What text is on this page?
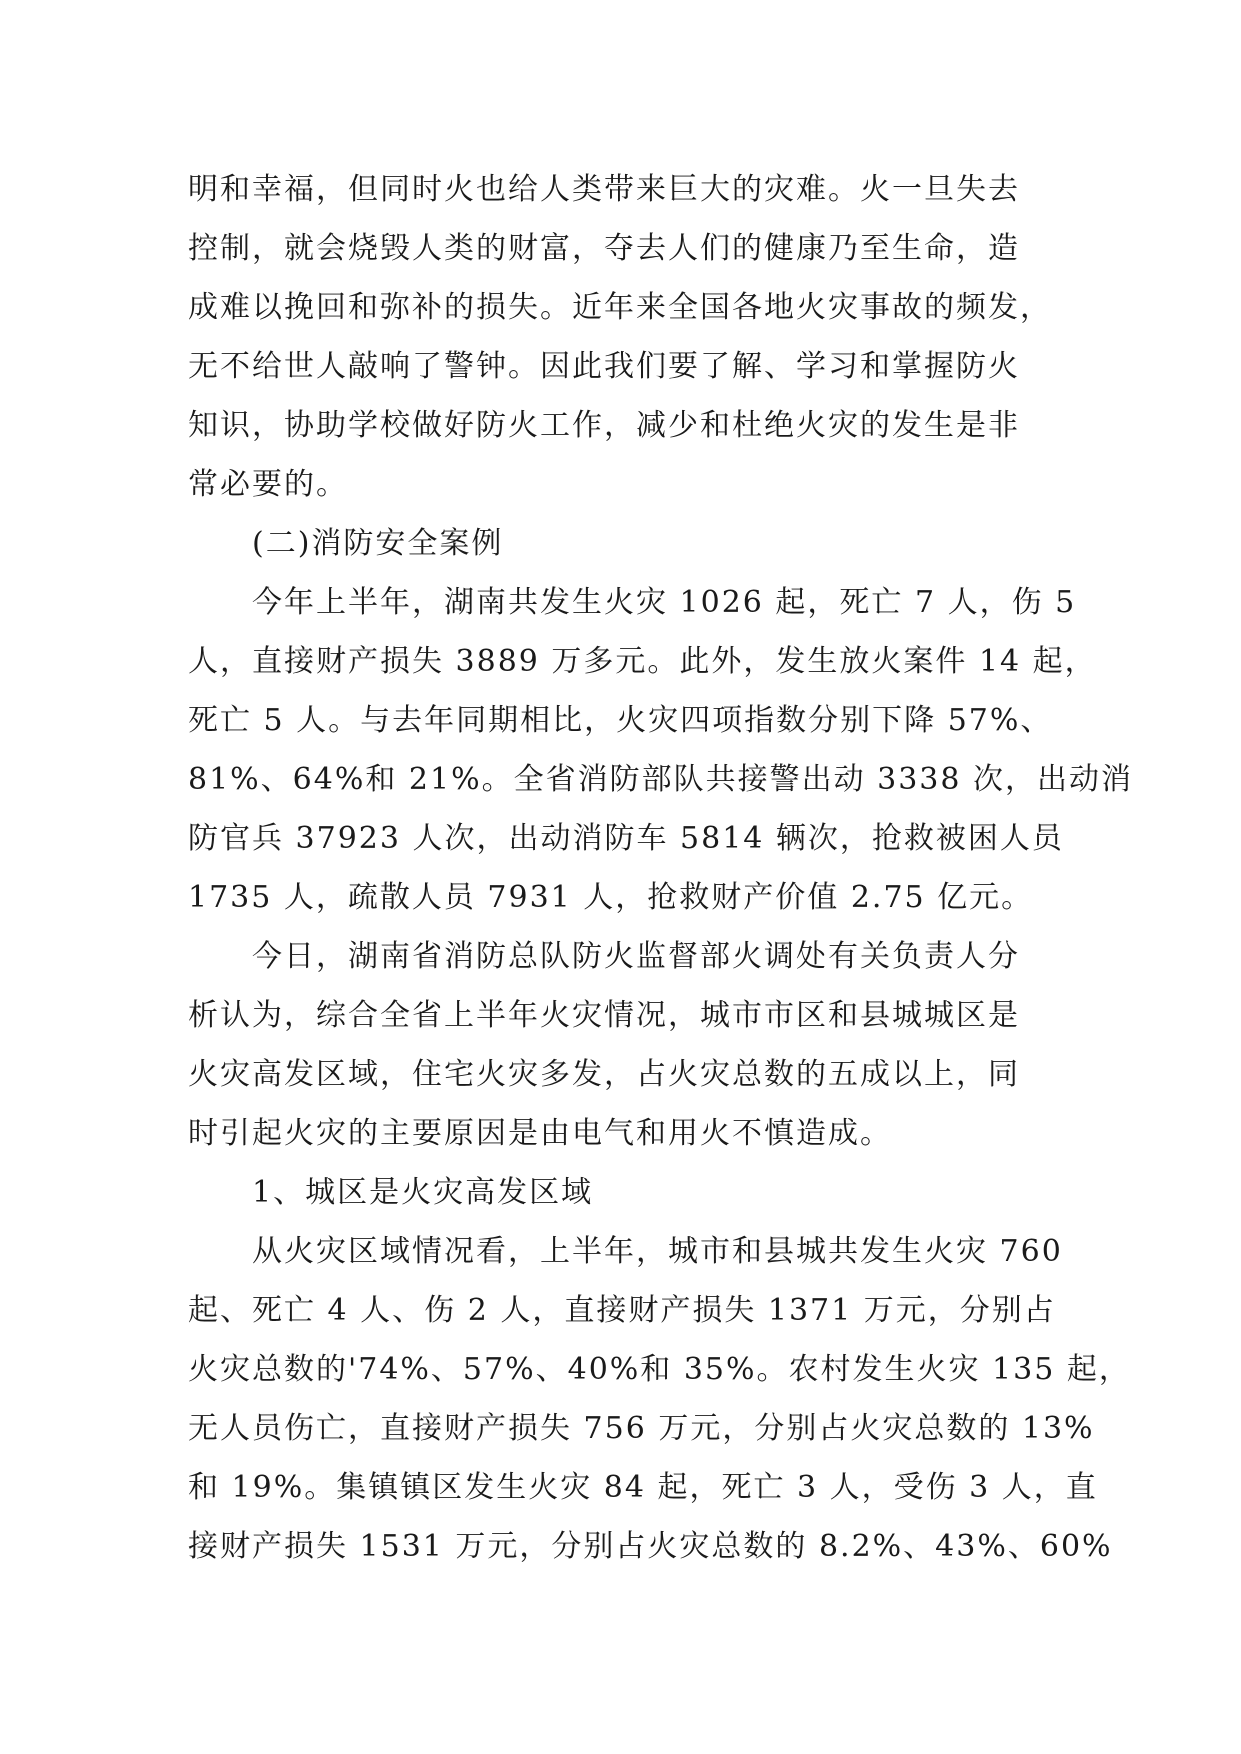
明和幸福，但同时火也给人类带来巨大的灾难。火一旦失去
控制，就会烧毁人类的财富，夺去人们的健康乃至生命，造
成难以挽回和弥补的损失。近年来全国各地火灾事故的频发，
无不给世人敲响了警钟。因此我们要了解、学习和掌握防火
知识，协助学校做好防火工作，减少和杜绝火灾的发生是非
常必要的。
(二)消防安全案例
今年上半年，湖南共发生火灾 1026 起，死亡 7 人，伤 5
人，直接财产损失 3889 万多元。此外，发生放火案件 14 起，
死亡 5 人。与去年同期相比，火灾四项指数分别下降 57%、
81%、64%和 21%。全省消防部队共接警出动 3338 次，出动消
防官兵 37923 人次，出动消防车 5814 辆次，抢救被困人员
1735 人，疏散人员 7931 人，抢救财产价值 2.75 亿元。
今日，湖南省消防总队防火监督部火调处有关负责人分
析认为，综合全省上半年火灾情况，城市市区和县城城区是
火灾高发区域，住宅火灾多发，占火灾总数的五成以上，同
时引起火灾的主要原因是由电气和用火不慎造成。
1、城区是火灾高发区域
从火灾区域情况看，上半年，城市和县城共发生火灾 760
起、死亡 4 人、伤 2 人，直接财产损失 1371 万元，分别占
火灾总数的'74%、57%、40%和 35%。农村发生火灾 135 起，
无人员伤亡，直接财产损失 756 万元，分别占火灾总数的 13%
和 19%。集镇镇区发生火灾 84 起，死亡 3 人，受伤 3 人，直
接财产损失 1531 万元，分别占火灾总数的 8.2%、43%、60%
